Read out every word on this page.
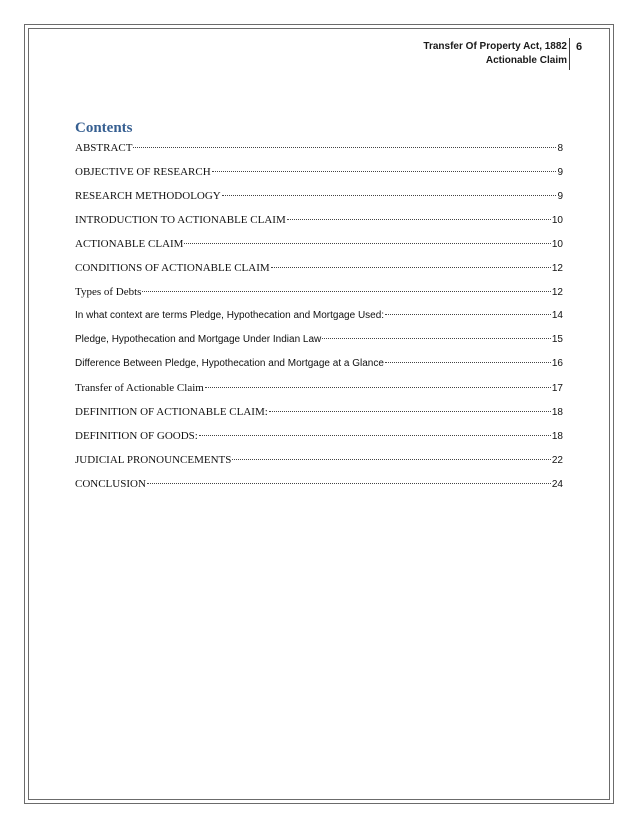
Transfer Of Property Act, 1882
Actionable Claim
6
Contents
ABSTRACT	8
OBJECTIVE OF RESEARCH	9
RESEARCH METHODOLOGY	9
INTRODUCTION TO ACTIONABLE CLAIM	10
ACTIONABLE CLAIM	10
CONDITIONS OF ACTIONABLE CLAIM	12
Types of Debts	12
In what context are terms Pledge, Hypothecation and Mortgage Used:	14
Pledge, Hypothecation and Mortgage Under Indian Law	15
Difference Between Pledge, Hypothecation and Mortgage at a Glance	16
Transfer of Actionable Claim	17
DEFINITION OF ACTIONABLE CLAIM:	18
DEFINITION OF GOODS:	18
JUDICIAL PRONOUNCEMENTS	22
CONCLUSION	24
